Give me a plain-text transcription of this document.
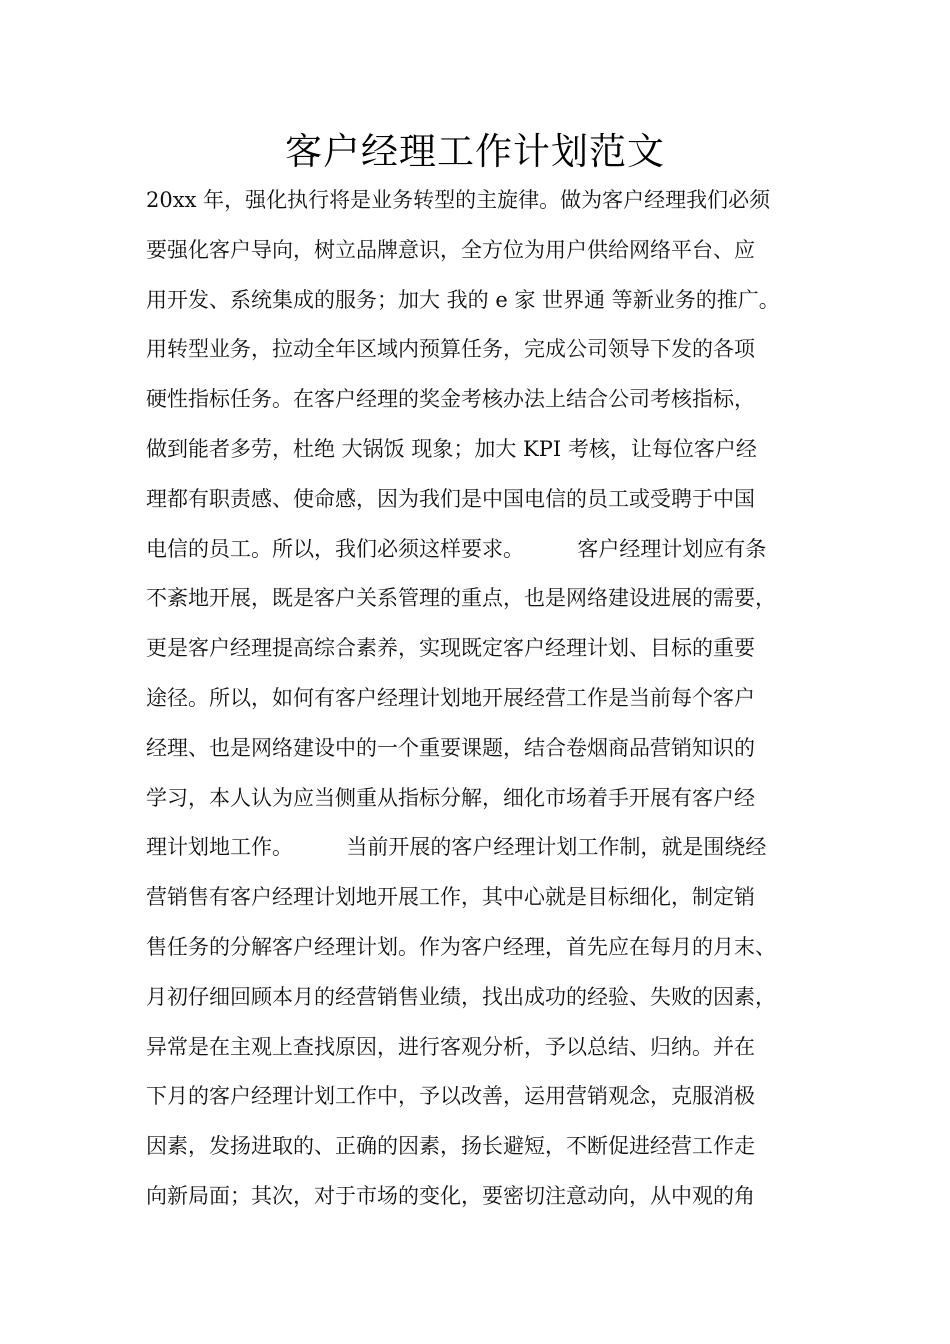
客户经理工作计划范文
20xx 年，强化执行将是业务转型的主旋律。做为客户经理我们必须
要强化客户导向，树立品牌意识，全方位为用户供给网络平台、应
用开发、系统集成的服务；加大 我的 e 家 世界通 等新业务的推广。
用转型业务，拉动全年区域内预算任务，完成公司领导下发的各项
硬性指标任务。在客户经理的奖金考核办法上结合公司考核指标，
做到能者多劳，杜绝 大锅饭 现象；加大 KPI 考核，让每位客户经
理都有职责感、使命感，因为我们是中国电信的员工或受聘于中国
电信的员工。所以，我们必须这样要求。        客户经理计划应有条
不紊地开展，既是客户关系管理的重点，也是网络建设进展的需要，
更是客户经理提高综合素养，实现既定客户经理计划、目标的重要
途径。所以，如何有客户经理计划地开展经营工作是当前每个客户
经理、也是网络建设中的一个重要课题，结合卷烟商品营销知识的
学习，本人认为应当侧重从指标分解，细化市场着手开展有客户经
理计划地工作。        当前开展的客户经理计划工作制，就是围绕经
营销售有客户经理计划地开展工作，其中心就是目标细化，制定销
售任务的分解客户经理计划。作为客户经理，首先应在每月的月末、
月初仔细回顾本月的经营销售业绩，找出成功的经验、失败的因素，
异常是在主观上查找原因，进行客观分析，予以总结、归纳。并在
下月的客户经理计划工作中，予以改善，运用营销观念，克服消极
因素，发扬进取的、正确的因素，扬长避短，不断促进经营工作走
向新局面；其次，对于市场的变化，要密切注意动向，从中观的角
